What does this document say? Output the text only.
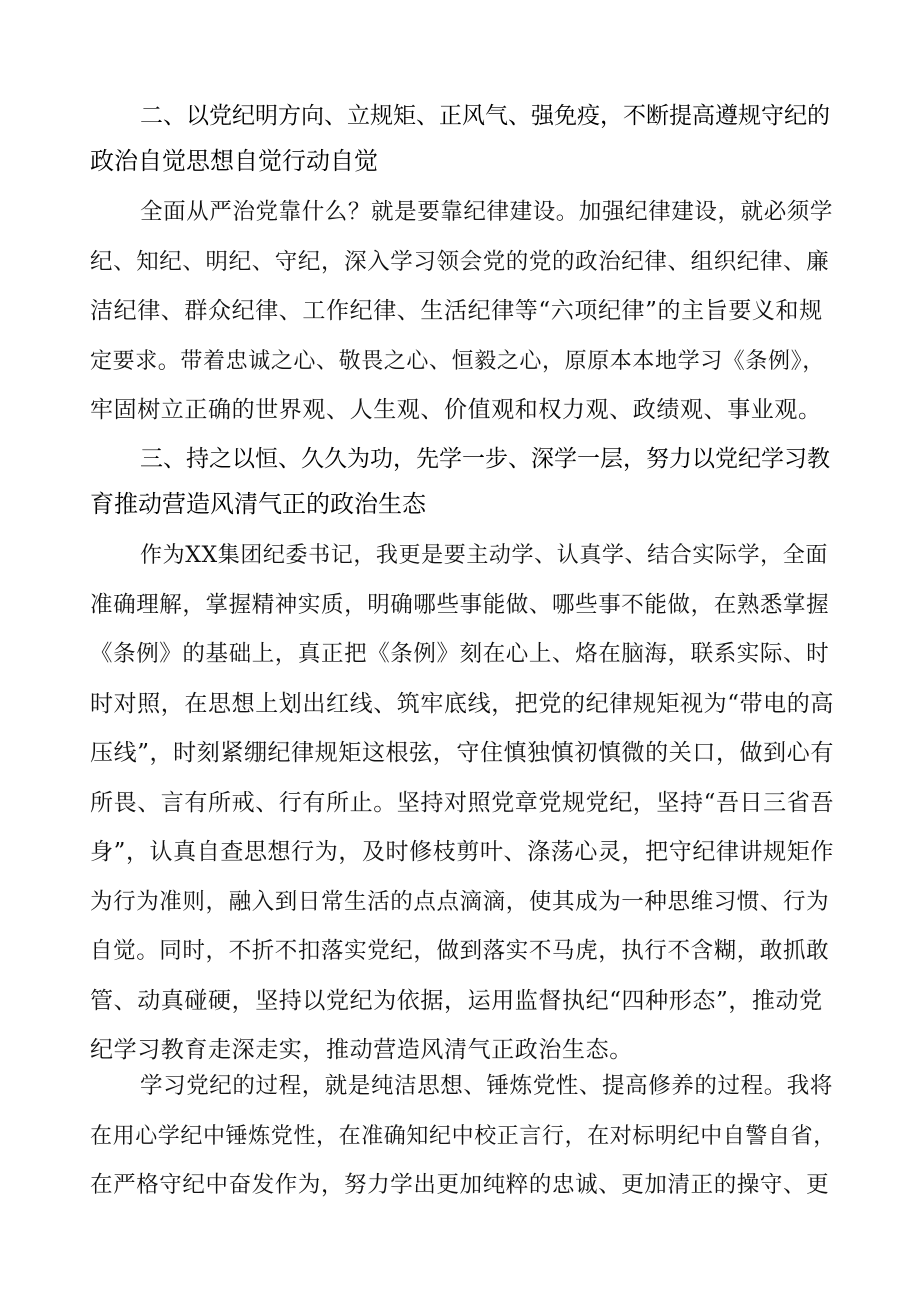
二、以党纪明方向、立规矩、正风气、强免疫，不断提高遵规守纪的
政治自觉思想自觉行动自觉
全面从严治党靠什么？就是要靠纪律建设。加强纪律建设，就必须学
纪、知纪、明纪、守纪，深入学习领会党的党的政治纪律、组织纪律、廉
洁纪律、群众纪律、工作纪律、生活纪律等“六项纪律”的主旨要义和规
定要求。带着忠诚之心、敬畏之心、恒毅之心，原原本本地学习《条例》，
牢固树立正确的世界观、人生观、价值观和权力观、政绩观、事业观。
三、持之以恒、久久为功，先学一步、深学一层，努力以党纪学习教
育推动营造风清气正的政治生态
作为XX集团纪委书记，我更是要主动学、认真学、结合实际学，全面
准确理解，掌握精神实质，明确哪些事能做、哪些事不能做，在熟悉掌握
《条例》的基础上，真正把《条例》刻在心上、烙在脑海，联系实际、时
时对照，在思想上划出红线、筑牢底线，把党的纪律规矩视为“带电的高
压线”，时刻紧绷纪律规矩这根弦，守住慎独慎初慎微的关口，做到心有
所畏、言有所戒、行有所止。坚持对照党章党规党纪，坚持“吾日三省吾
身”，认真自查思想行为，及时修枝剪叶、涤荡心灵，把守纪律讲规矩作
为行为准则，融入到日常生活的点点滴滴，使其成为一种思维习惯、行为
自觉。同时，不折不扣落实党纪，做到落实不马虎，执行不含糊，敢抓敢
管、动真碰硬，坚持以党纪为依据，运用监督执纪“四种形态”，推动党
纪学习教育走深走实，推动营造风清气正政治生态。
学习党纪的过程，就是纯洁思想、锤炼党性、提高修养的过程。我将
在用心学纪中锤炼党性，在准确知纪中校正言行，在对标明纪中自警自省，
在严格守纪中奋发作为，努力学出更加纯粹的忠诚、更加清正的操守、更
